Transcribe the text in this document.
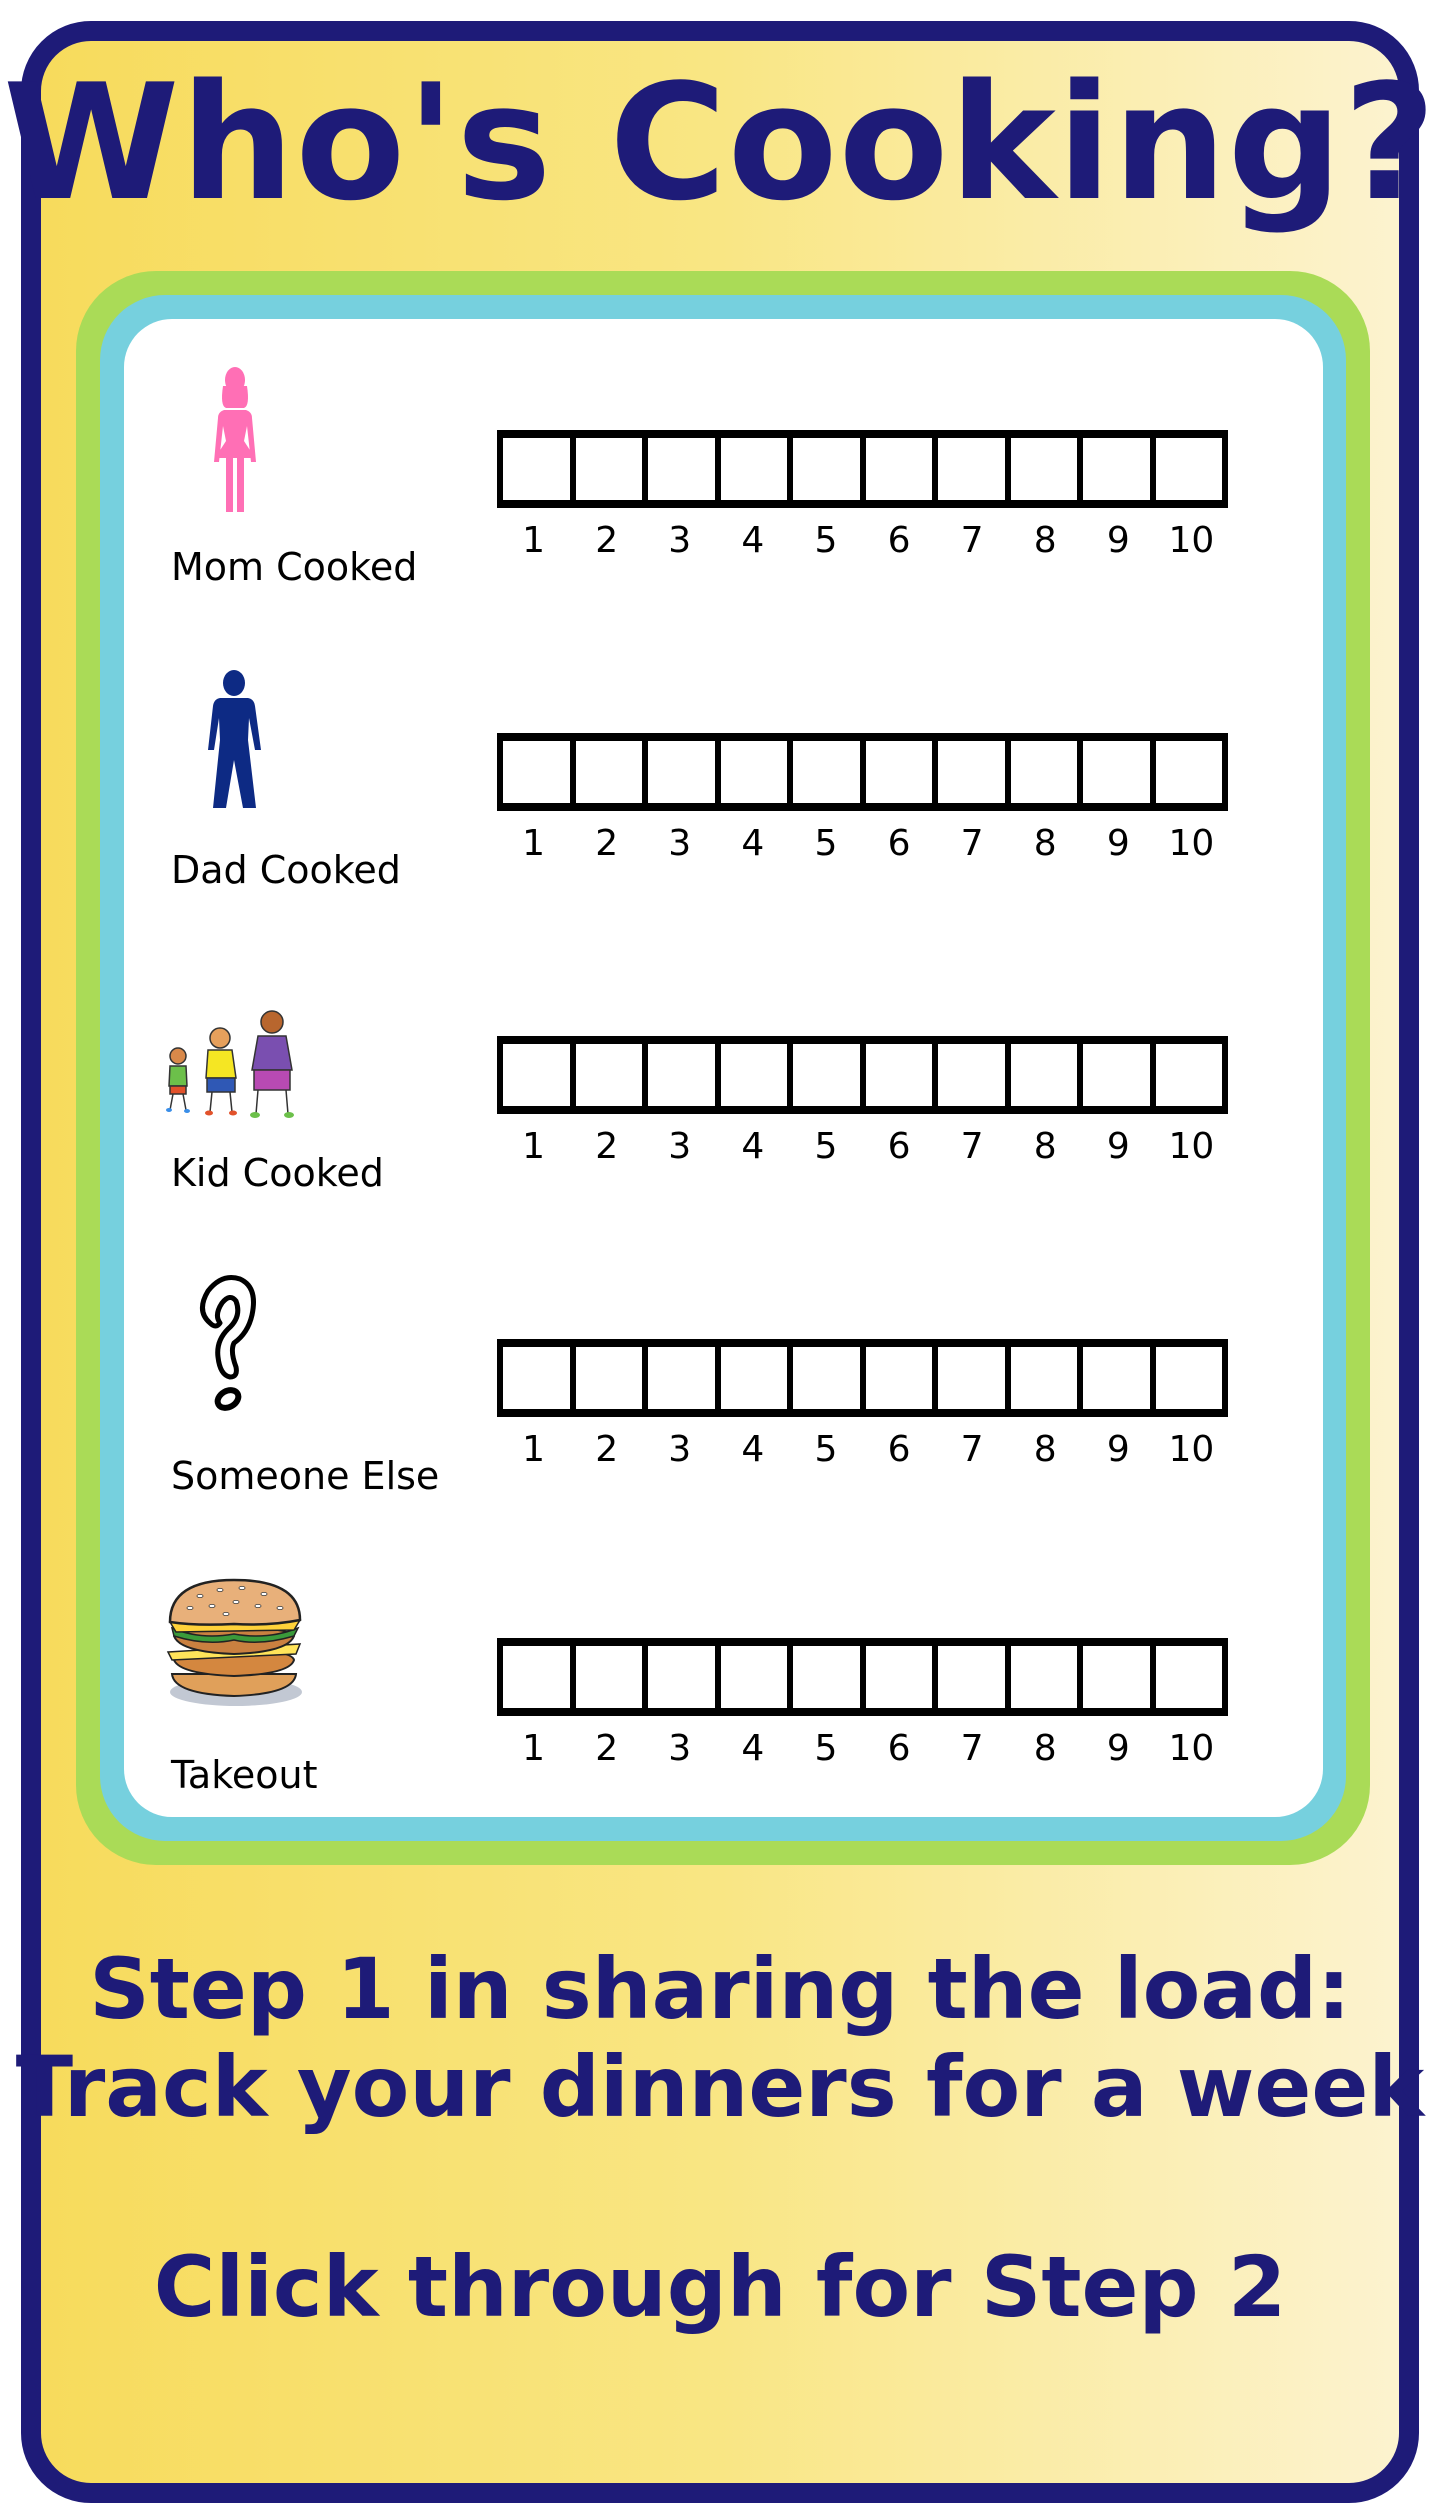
Who's Cooking?
1	2	3	4	5	6	7	8	9	10
Mom Cooked
1	2	3	4	5	6	7	8	9	10
Dad Cooked
1	2	3	4	5	6	7	8	9	10
Kid Cooked
1	2	3	4	5	6	7	8	9	10
Someone Else
1	2	3	4	5	6	7	8	9	10
Takeout
Step 1 in sharing the load:
Track your dinners for a week
Click through for Step 2
